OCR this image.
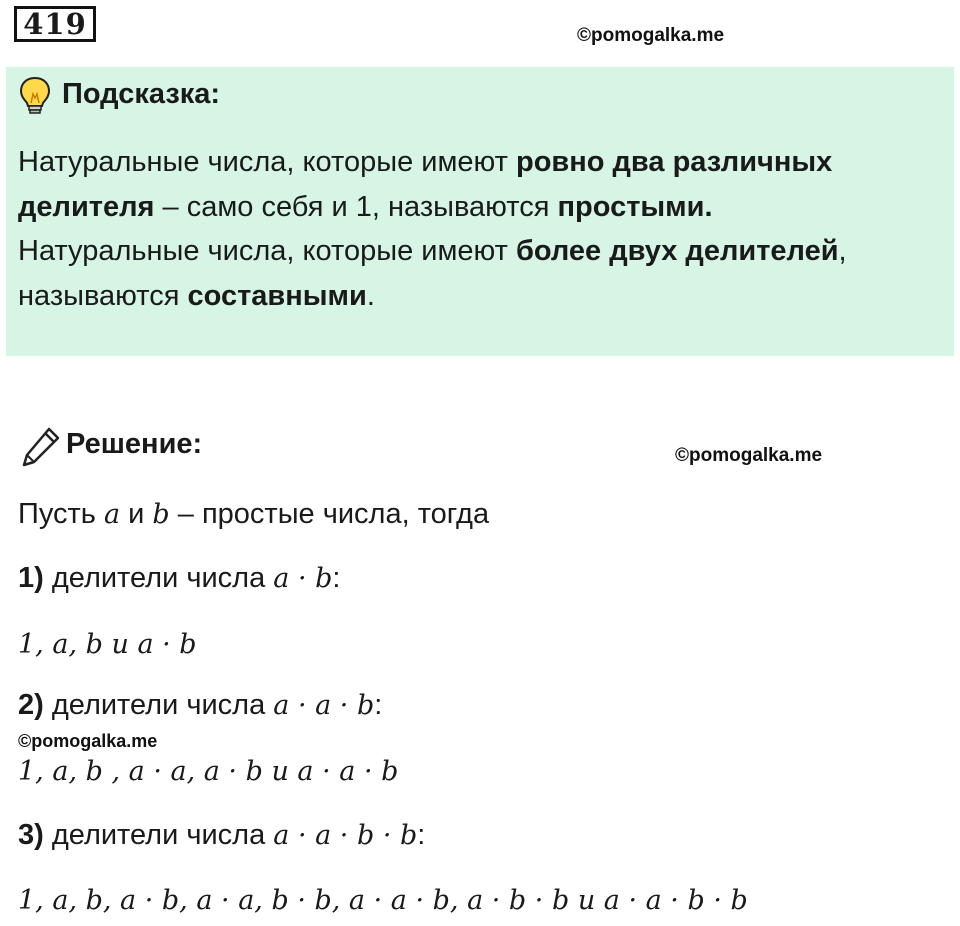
419	©pomogalka.me
Подсказка:
Натуральные числа, которые имеют ровно два различных делителя – само себя и 1, называются простыми.
Натуральные числа, которые имеют более двух делителей, называются составными.
Решение:	©pomogalka.me
Пусть a и b – простые числа, тогда
1) делители числа a · b:
1, a, b и a · b
2) делители числа a · a · b:
©pomogalka.me
1, a, b , a · a, a · b и a · a · b
3) делители числа a · a · b · b:
1, a, b, a · b, a · a, b · b, a · a · b, a · b · b и a · a · b · b
